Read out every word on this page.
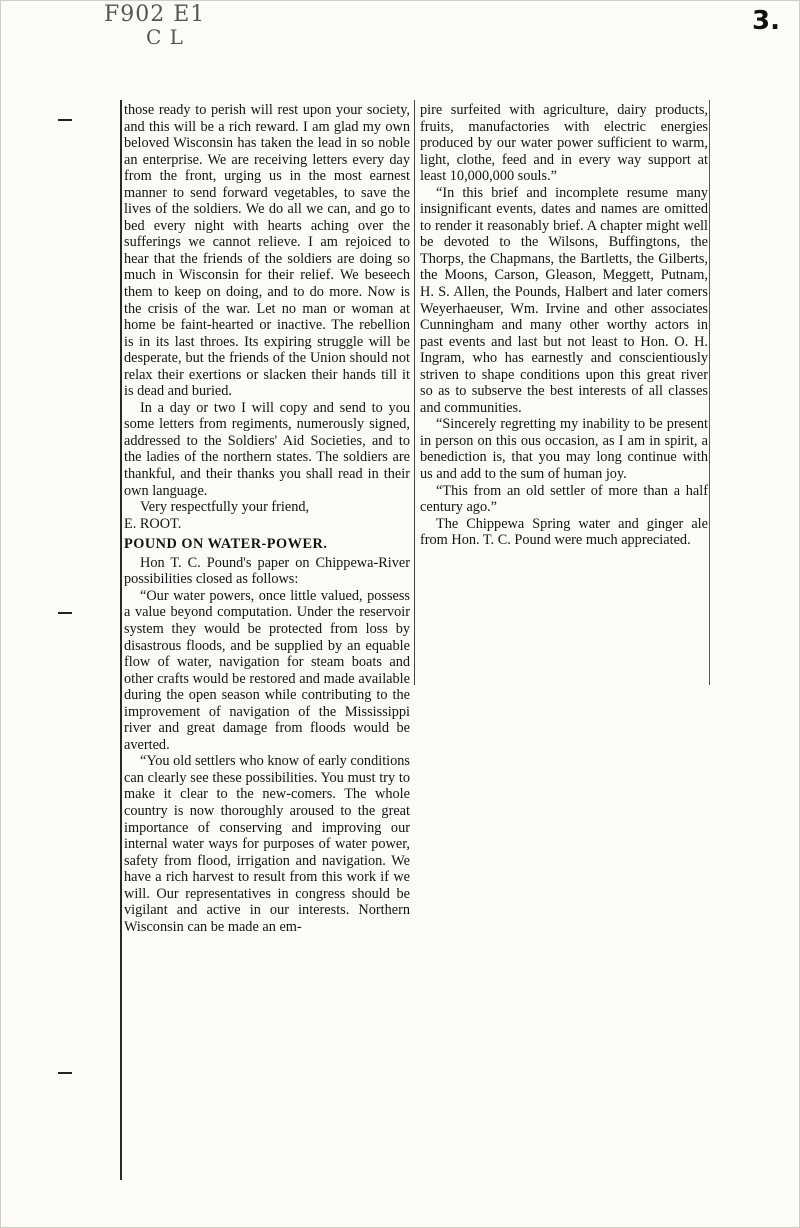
F902 E1
C L
3.

those ready to perish will rest upon your society, and this will be a rich reward. I am glad my own beloved Wisconsin has taken the lead in so noble an enterprise. We are receiving letters every day from the front, urging us in the most earnest manner to send forward vegetables, to save the lives of the soldiers. We do all we can, and go to bed every night with hearts aching over the sufferings we cannot relieve. I am rejoiced to hear that the friends of the soldiers are doing so much in Wisconsin for their relief. We beseech them to keep on doing, and to do more. Now is the crisis of the war. Let no man or woman at home be faint-hearted or inactive. The rebellion is in its last throes. Its expiring struggle will be desperate, but the friends of the Union should not relax their exertions or slacken their hands till it is dead and buried.

In a day or two I will copy and send to you some letters from regiments, numerously signed, addressed to the Soldiers' Aid Societies, and to the ladies of the northern states. The soldiers are thankful, and their thanks you shall read in their own language.

Very respectfully your friend,

E. ROOT.

POUND ON WATER-POWER.

Hon T. C. Pound's paper on Chippewa-River possibilities closed as follows:

“Our water powers, once little valued, possess a value beyond computation. Under the reservoir system they would be protected from loss by disastrous floods, and be supplied by an equable flow of water, navigation for steam boats and other crafts would be restored and made available during the open season while contributing to the improvement of navigation of the Mississippi river and great damage from floods would be averted.

“You old settlers who know of early conditions can clearly see these possibilities. You must try to make it clear to the new-comers. The whole country is now thoroughly aroused to the great importance of conserving and improving our internal water ways for purposes of water power, safety from flood, irrigation and navigation. We have a rich harvest to result from this work if we will. Our representatives in congress should be vigilant and active in our interests. Northern Wisconsin can be made an em-

pire surfeited with agriculture, dairy products, fruits, manufactories with electric energies produced by our water power sufficient to warm, light, clothe, feed and in every way support at least 10,000,000 souls.”

“In this brief and incomplete resume many insignificant events, dates and names are omitted to render it reasonably brief. A chapter might well be devoted to the Wilsons, Buffingtons, the Thorps, the Chapmans, the Bartletts, the Gilberts, the Moons, Carson, Gleason, Meggett, Putnam, H. S. Allen, the Pounds, Halbert and later comers Weyerhaeuser, Wm. Irvine and other associates Cunningham and many other worthy actors in past events and last but not least to Hon. O. H. Ingram, who has earnestly and conscientiously striven to shape conditions upon this great river so as to subserve the best interests of all classes and communities.

“Sincerely regretting my inability to be present in person on this ous occasion, as I am in spirit, a benediction is, that you may long continue with us and add to the sum of human joy.

“This from an old settler of more than a half century ago.”

The Chippewa Spring water and ginger ale from Hon. T. C. Pound were much appreciated.
